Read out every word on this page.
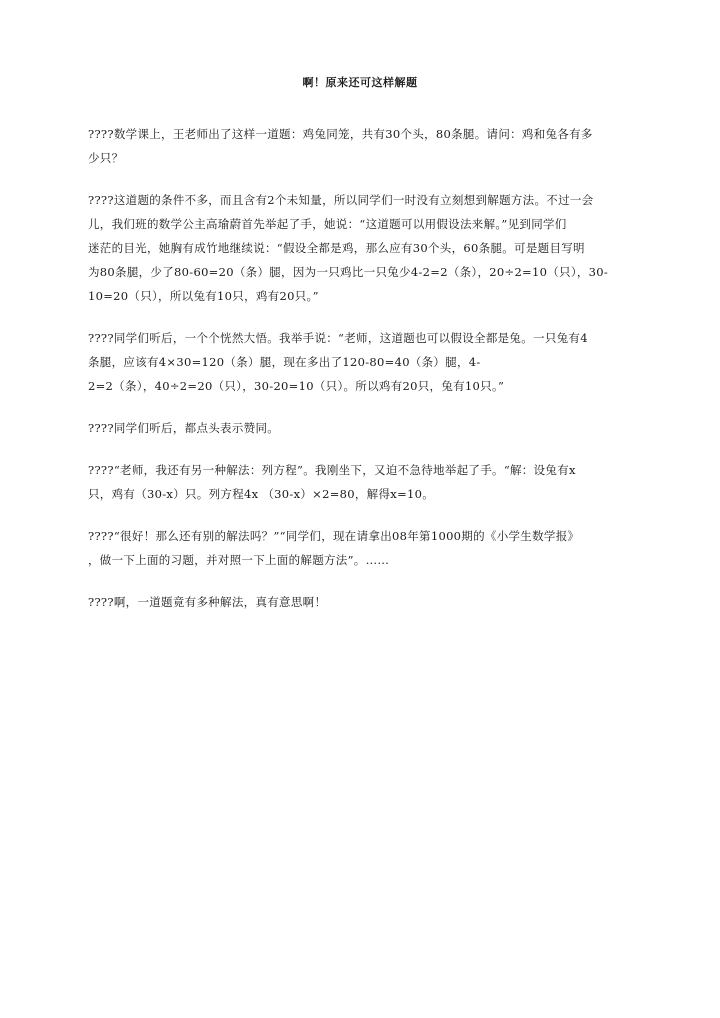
啊！原来还可这样解题

????数学课上，王老师出了这样一道题：鸡兔同笼，共有30个头，80条腿。请问：鸡和兔各有多
少只？

????这道题的条件不多，而且含有2个未知量，所以同学们一时没有立刻想到解题方法。不过一会
儿，我们班的数学公主高瑜蔚首先举起了手，她说：“这道题可以用假设法来解。”见到同学们
迷茫的目光，她胸有成竹地继续说：“假设全都是鸡，那么应有30个头，60条腿。可是题目写明
为80条腿，少了80-60=20（条）腿，因为一只鸡比一只兔少4-2=2（条），20÷2=10（只），30-
10=20（只），所以兔有10只，鸡有20只。”

????同学们听后，一个个恍然大悟。我举手说：“老师，这道题也可以假设全都是兔。一只兔有4
条腿，应该有4×30=120（条）腿，现在多出了120-80=40（条）腿，4-
2=2（条），40÷2=20（只），30-20=10（只）。所以鸡有20只，兔有10只。”

????同学们听后，都点头表示赞同。

????“老师，我还有另一种解法：列方程”。我刚坐下，又迫不急待地举起了手。“解：设兔有x
只，鸡有（30-x）只。列方程4x （30-x）×2=80，解得x=10。

????“很好！那么还有别的解法吗？”“同学们，现在请拿出08年第1000期的《小学生数学报》
，做一下上面的习题，并对照一下上面的解题方法”。……

????啊，一道题竟有多种解法，真有意思啊！
